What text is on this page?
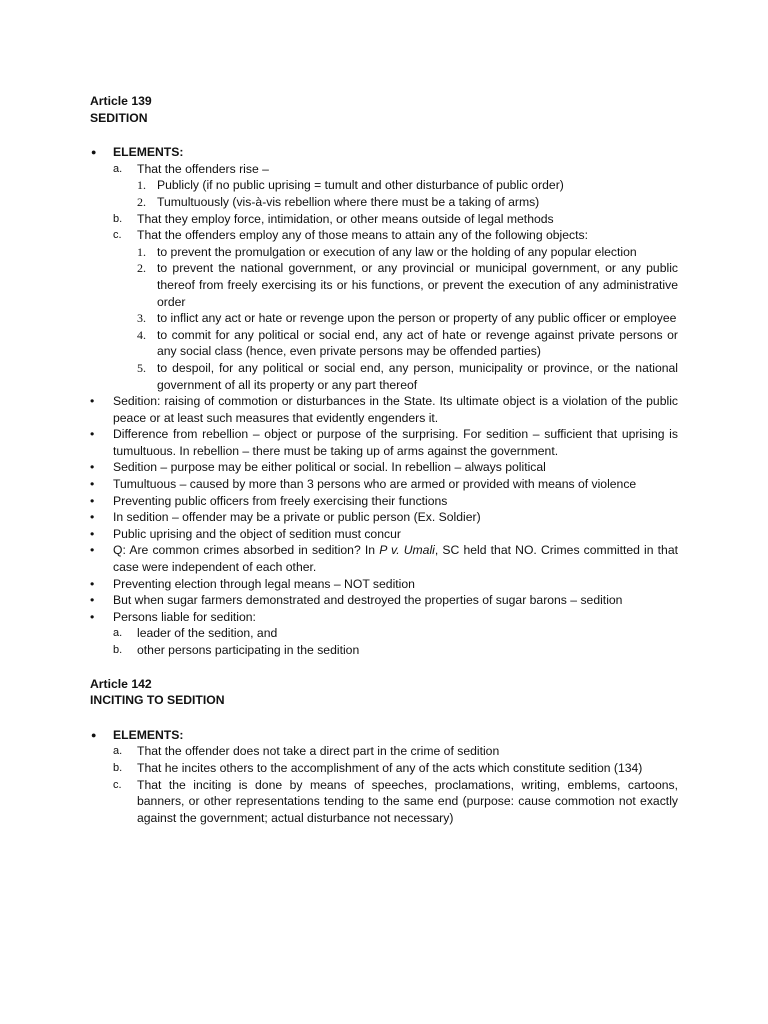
Article 139
SEDITION
● ELEMENTS:
a. That the offenders rise –
1. Publicly (if no public uprising = tumult and other disturbance of public order)
2. Tumultuously (vis-à-vis rebellion where there must be a taking of arms)
b. That they employ force, intimidation, or other means outside of legal methods
c. That the offenders employ any of those means to attain any of the following objects:
1. to prevent the promulgation or execution of any law or the holding of any popular election
2. to prevent the national government, or any provincial or municipal government, or any public thereof from freely exercising its or his functions, or prevent the execution of any administrative order
3. to inflict any act or hate or revenge upon the person or property of any public officer or employee
4. to commit for any political or social end, any act of hate or revenge against private persons or any social class (hence, even private persons may be offended parties)
5. to despoil, for any political or social end, any person, municipality or province, or the national government of all its property or any part thereof
• Sedition: raising of commotion or disturbances in the State. Its ultimate object is a violation of the public peace or at least such measures that evidently engenders it.
• Difference from rebellion – object or purpose of the surprising. For sedition – sufficient that uprising is tumultuous. In rebellion – there must be taking up of arms against the government.
• Sedition – purpose may be either political or social. In rebellion – always political
• Tumultuous – caused by more than 3 persons who are armed or provided with means of violence
• Preventing public officers from freely exercising their functions
• In sedition – offender may be a private or public person (Ex. Soldier)
• Public uprising and the object of sedition must concur
• Q: Are common crimes absorbed in sedition? In P v. Umali, SC held that NO. Crimes committed in that case were independent of each other.
• Preventing election through legal means – NOT sedition
• But when sugar farmers demonstrated and destroyed the properties of sugar barons – sedition
• Persons liable for sedition:
a. leader of the sedition, and
b. other persons participating in the sedition
Article 142
INCITING TO SEDITION
● ELEMENTS:
a. That the offender does not take a direct part in the crime of sedition
b. That he incites others to the accomplishment of any of the acts which constitute sedition (134)
c. That the inciting is done by means of speeches, proclamations, writing, emblems, cartoons, banners, or other representations tending to the same end (purpose: cause commotion not exactly against the government; actual disturbance not necessary)
